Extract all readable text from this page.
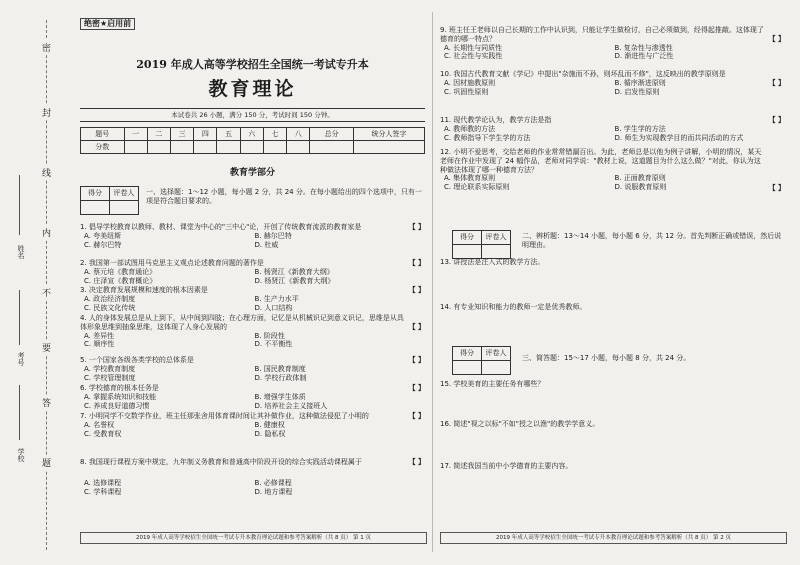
密
封
线
内
不
要
答
题
姓名
考号
学校
绝密★启用前
2019 年成人高等学校招生全国统一考试专升本
教育理论
本试卷共 26 小题，满分 150 分，考试时间 150 分钟。
题号	一	二	三	四	五	六	七	八	总分	统分人签字
分数										
教育学部分
得分	评卷人
	一、选择题：1～12 小题，每小题 2 分，共 24 分。在每小题给出的四个选项中，只有一项是符合题目要求的。

1. 倡导学校教育以教师、教材、课堂为中心的"三中心"论，开创了传统教育流派的教育家是	【 】
A. 夸美纽斯	B. 赫尔巴特
C. 赫尔巴特	D. 杜威

2. 我国第一部试图用马克思主义观点论述教育问题的著作是	【 】
A. 蔡元培《教育通论》	B. 杨贤江《新教育大纲》
C. 庄泽宣《教育概论》	D. 杨贤江《新教育大纲》

3. 决定教育发展规模和速度的根本因素是	【 】
A. 政治经济制度	B. 生产力水平
C. 民族文化传统	D. 人口结构

4. 人的身体发展总是从上到下，从中间到四肢；在心理方面，记忆是从机械识记到意义识记，思维是从具体形象思维到抽象思维，这体现了人身心发展的	【 】
A. 差异性	B. 阶段性
C. 顺序性	D. 不平衡性

5. 一个国家各级各类学校的总体系是	【 】
A. 学校教育制度	B. 国民教育制度
C. 学校管理制度	D. 学校行政体制

6. 学校德育的根本任务是	【 】
A. 掌握系统知识和技能	B. 增强学生体质
C. 养成良好道德习惯	D. 培养社会主义接班人

7. 小明同学不交数学作业，班主任那张舍用体育课时间让其补做作业，这种做法侵犯了小明的	【 】
A. 名誉权	B. 健康权
C. 受教育权	D. 隐私权

8. 我国现行课程方案中规定，九年制义务教育和普通高中阶段开设的综合实践活动课程属于	【 】
A. 选修课程	B. 必修课程
C. 学科课程	D. 地方课程
2019 年成人高等学校招生全国统一考试专升本教育理论试题和参考答案解析（共 8 页） 第 1 页

9. 班主任王老师以自己长期的工作中认识到，只能让学生做检讨，自己必须做到，经得起推敲。这体现了德育的哪一特点？	【 】
A. 长期性与同质性	B. 复杂性与渗透性
C. 社会性与实践性	D. 渐进性与广泛性

10. 我国古代教育文献《学记》中提出"杂施而不孙，则坏乱而不修"，这反映出的教学原则是

【 】
A. 因材施教原则	B. 循序渐进原则
C. 巩固性原则	D. 启发性原则

11. 现代教学论认为，教学方法是指	【 】
A. 教师教的方法	B. 学生学的方法
C. 教师指导下学生学的方法	D. 师生为实现教学目的而共同活动的方式

12. 小明不爱思考，交给老师的作业常常错漏百出。为此，老师总是以他为例子讲解，小明的情况，某天老师在作业中发现了 24 幅作品，老师对同学说："教材上说，这道题目为什么这么做？"对此，你认为这种做法体现了哪一种德育方法？

【 】
A. 集体教育原则	B. 正面教育原则
C. 理论联系实际原则	D. 说服教育原则
得分	评卷人
	二、辨析题：13～14 小题，每小题 6 分，共 12 分。首先判断正确或错误，然后说明理由。
13. 讲授法是注入式的教学方法。
14. 有专业知识和能力的教师一定是优秀教师。
得分	评卷人

三、简答题：15～17 小题，每小题 8 分，共 24 分。
15. 学校美育的主要任务有哪些？
16. 简述"视之以标"不如"授之以渔"的教学学意义。
17. 简述我国当前中小学德育的主要内容。
2019 年成人高等学校招生全国统一考试专升本教育理论试题和参考答案解析（共 8 页） 第 2 页
